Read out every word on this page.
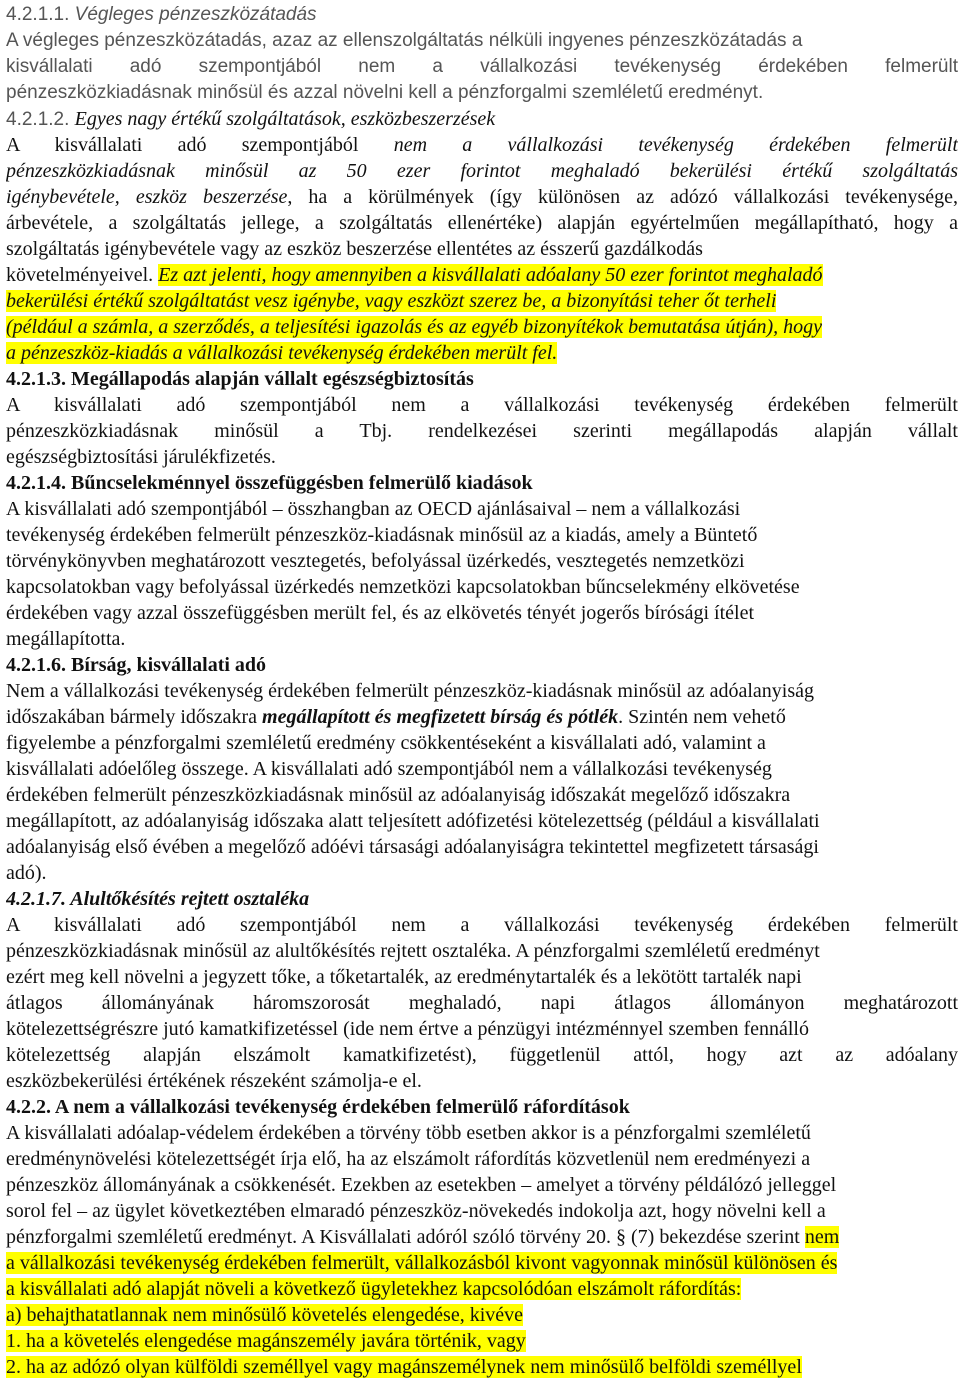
4.2.1.1. Végleges pénzeszközátadás

A végleges pénzeszközátadás, azaz az ellenszolgáltatás nélküli ingyenes pénzeszközátadás a

kisvállalati adó szempontjából nem a vállalkozási tevékenység érdekében felmerült

pénzeszközkiadásnak minősül és azzal növelni kell a pénzforgalmi szemléletű eredményt.

4.2.1.2. Egyes nagy értékű szolgáltatások, eszközbeszerzések

A kisvállalati adó szempontjából nem a vállalkozási tevékenység érdekében felmerült

pénzeszközkiadásnak minősül az 50 ezer forintot meghaladó bekerülési értékű szolgáltatás

igénybevétele, eszköz beszerzése, ha a körülmények (így különösen az adózó vállalkozási tevékenysége,

árbevétele, a szolgáltatás jellege, a szolgáltatás ellenértéke) alapján egyértelműen megállapítható, hogy a

szolgáltatás igénybevétele vagy az eszköz beszerzése ellentétes az ésszerű gazdálkodás

követelményeivel. Ez azt jelenti, hogy amennyiben a kisvállalati adóalany 50 ezer forintot meghaladó

bekerülési értékű szolgáltatást vesz igénybe, vagy eszközt szerez be, a bizonyítási teher őt terheli

(például a számla, a szerződés, a teljesítési igazolás és az egyéb bizonyítékok bemutatása útján), hogy

a pénzeszköz-kiadás a vállalkozási tevékenység érdekében merült fel.

4.2.1.3. Megállapodás alapján vállalt egészségbiztosítás

A kisvállalati adó szempontjából nem a vállalkozási tevékenység érdekében felmerült

pénzeszközkiadásnak minősül a Tbj. rendelkezései szerinti megállapodás alapján vállalt

egészségbiztosítási járulékfizetés.

4.2.1.4. Bűncselekménnyel összefüggésben felmerülő kiadások

A kisvállalati adó szempontjából – összhangban az OECD ajánlásaival – nem a vállalkozási

tevékenység érdekében felmerült pénzeszköz-kiadásnak minősül az a kiadás, amely a Büntető

törvénykönyvben meghatározott vesztegetés, befolyással üzérkedés, vesztegetés nemzetközi

kapcsolatokban vagy befolyással üzérkedés nemzetközi kapcsolatokban bűncselekmény elkövetése

érdekében vagy azzal összefüggésben merült fel, és az elkövetés tényét jogerős bírósági ítélet

megállapította.

4.2.1.6. Bírság, kisvállalati adó

Nem a vállalkozási tevékenység érdekében felmerült pénzeszköz-kiadásnak minősül az adóalanyiság

időszakában bármely időszakra megállapított és megfizetett bírság és pótlék. Szintén nem vehető

figyelembe a pénzforgalmi szemléletű eredmény csökkentéseként a kisvállalati adó, valamint a

kisvállalati adóelőleg összege. A kisvállalati adó szempontjából nem a vállalkozási tevékenység

érdekében felmerült pénzeszközkiadásnak minősül az adóalanyiság időszakát megelőző időszakra

megállapított, az adóalanyiság időszaka alatt teljesített adófizetési kötelezettség (például a kisvállalati

adóalanyiság első évében a megelőző adóévi társasági adóalanyiságra tekintettel megfizetett társasági

adó).

4.2.1.7. Alultőkésítés rejtett osztaléka

A kisvállalati adó szempontjából nem a vállalkozási tevékenység érdekében felmerült

pénzeszközkiadásnak minősül az alultőkésítés rejtett osztaléka. A pénzforgalmi szemléletű eredményt

ezért meg kell növelni a jegyzett tőke, a tőketartalék, az eredménytartalék és a lekötött tartalék napi

átlagos állományának háromszorosát meghaladó, napi átlagos állományon meghatározott

kötelezettségrészre jutó kamatkifizetéssel (ide nem értve a pénzügyi intézménnyel szemben fennálló

kötelezettség alapján elszámolt kamatkifizetést), függetlenül attól, hogy azt az adóalany

eszközbekerülési értékének részeként számolja-e el.

4.2.2. A nem a vállalkozási tevékenység érdekében felmerülő ráfordítások

A kisvállalati adóalap-védelem érdekében a törvény több esetben akkor is a pénzforgalmi szemléletű

eredménynövelési kötelezettségét írja elő, ha az elszámolt ráfordítás közvetlenül nem eredményezi a

pénzeszköz állományának a csökkenését. Ezekben az esetekben – amelyet a törvény példálózó jelleggel

sorol fel – az ügylet következtében elmaradó pénzeszköz-növekedés indokolja azt, hogy növelni kell a

pénzforgalmi szemléletű eredményt. A Kisvállalati adóról szóló törvény 20. § (7) bekezdése szerint nem

a vállalkozási tevékenység érdekében felmerült, vállalkozásból kivont vagyonnak minősül különösen és

a kisvállalati adó alapját növeli a következő ügyletekhez kapcsolódóan elszámolt ráfordítás:

a) behajthatatlannak nem minősülő követelés elengedése, kivéve

1. ha a követelés elengedése magánszemély javára történik, vagy

2. ha az adózó olyan külföldi személlyel vagy magánszemélynek nem minősülő belföldi személlyel
